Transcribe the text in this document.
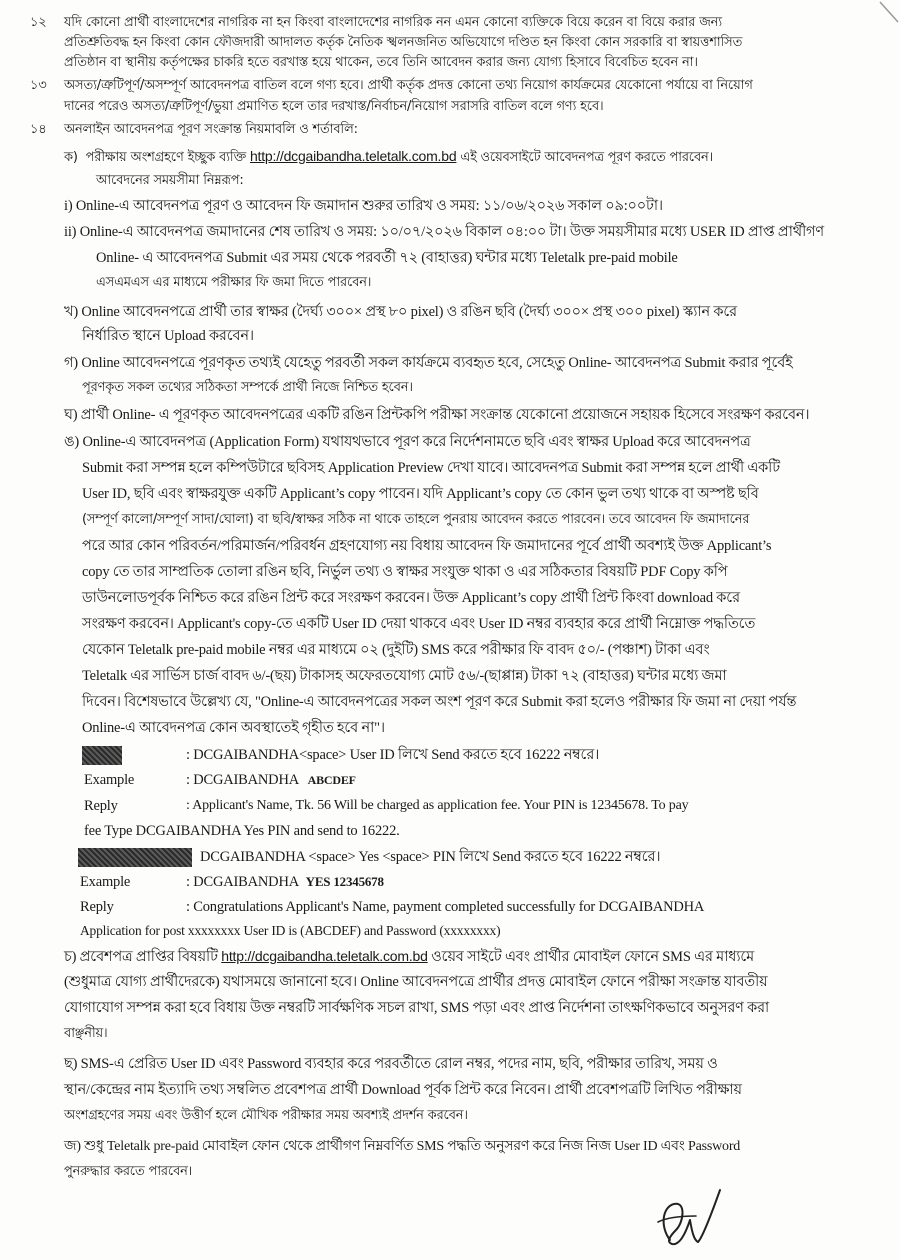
১২ যদি কোনো প্রার্থী বাংলাদেশের নাগরিক না হন কিংবা বাংলাদেশের নাগরিক নন এমন কোনো ব্যক্তিকে বিয়ে করেন বা বিয়ে করার জন্য
প্রতিশ্রুতিবদ্ধ হন কিংবা কোন ফৌজদারী আদালত কর্তৃক নৈতিক স্খলনজনিত অভিযোগে দণ্ডিত হন কিংবা কোন সরকারি বা স্বায়ত্তশাসিত
প্রতিষ্ঠান বা স্থানীয় কর্তৃপক্ষের চাকরি হতে বরখাস্ত হয়ে থাকেন, তবে তিনি আবেদন করার জন্য যোগ্য হিসাবে বিবেচিত হবেন না।
১৩ অসত্য/ত্রুটিপূর্ণ/অসম্পূর্ণ আবেদনপত্র বাতিল বলে গণ্য হবে। প্রার্থী কর্তৃক প্রদত্ত কোনো তথ্য নিয়োগ কার্যক্রমের যেকোনো পর্যায়ে বা নিয়োগ
দানের পরেও অসত্য/ত্রুটিপূর্ণ/ভুয়া প্রমাণিত হলে তার দরখাস্ত/নির্বাচন/নিয়োগ সরাসরি বাতিল বলে গণ্য হবে।
১৪ অনলাইন আবেদনপত্র পূরণ সংক্রান্ত নিয়মাবলি ও শর্তাবলি:
ক) পরীক্ষায় অংশগ্রহণে ইচ্ছুক ব্যক্তি http://dcgaibandha.teletalk.com.bd এই ওয়েবসাইটে আবেদনপত্র পূরণ করতে পারবেন।
আবেদনের সময়সীমা নিম্নরূপ:
i) Online-এ আবেদনপত্র পূরণ ও আবেদন ফি জমাদান শুরুর তারিখ ও সময়: ১১/০৬/২০২৬ সকাল ০৯:০০টা।
ii) Online-এ আবেদনপত্র জমাদানের শেষ তারিখ ও সময়: ১০/০৭/২০২৬ বিকাল ০৪:০০ টা। উক্ত সময়সীমার মধ্যে USER ID প্রাপ্ত প্রার্থীগণ
Online- এ আবেদনপত্র Submit এর সময় থেকে পরবর্তী ৭২ (বাহাত্তর) ঘন্টার মধ্যে Teletalk pre-paid mobile
এসএমএস এর মাধ্যমে পরীক্ষার ফি জমা দিতে পারবেন।
খ) Online আবেদনপত্রে প্রার্থী তার স্বাক্ষর (দৈর্ঘ্য ৩০০× প্রস্থ ৮০ pixel) ও রঙিন ছবি (দৈর্ঘ্য ৩০০× প্রস্থ ৩০০ pixel) স্ক্যান করে
নির্ধারিত স্থানে Upload করবেন।
গ) Online আবেদনপত্রে পূরণকৃত তথ্যই যেহেতু পরবর্তী সকল কার্যক্রমে ব্যবহৃত হবে, সেহেতু Online- আবেদনপত্র Submit করার পূর্বেই
পূরণকৃত সকল তথ্যের সঠিকতা সম্পর্কে প্রার্থী নিজে নিশ্চিত হবেন।
ঘ) প্রার্থী Online- এ পূরণকৃত আবেদনপত্রের একটি রঙিন প্রিন্টকপি পরীক্ষা সংক্রান্ত যেকোনো প্রয়োজনে সহায়ক হিসেবে সংরক্ষণ করবেন।
ঙ) Online-এ আবেদনপত্র (Application Form) যথাযথভাবে পূরণ করে নির্দেশনামতে ছবি এবং স্বাক্ষর Upload করে আবেদনপত্র
Submit করা সম্পন্ন হলে কম্পিউটারে ছবিসহ Application Preview দেখা যাবে। আবেদনপত্র Submit করা সম্পন্ন হলে প্রার্থী একটি
User ID, ছবি এবং স্বাক্ষরযুক্ত একটি Applicant’s copy পাবেন। যদি Applicant’s copy তে কোন ভুল তথ্য থাকে বা অস্পষ্ট ছবি
(সম্পূর্ণ কালো/সম্পূর্ণ সাদা/ঘোলা) বা ছবি/স্বাক্ষর সঠিক না থাকে তাহলে পুনরায় আবেদন করতে পারবেন। তবে আবেদন ফি জমাদানের
পরে আর কোন পরিবর্তন/পরিমার্জন/পরিবর্ধন গ্রহণযোগ্য নয় বিধায় আবেদন ফি জমাদানের পূর্বে প্রার্থী অবশ্যই উক্ত Applicant’s
copy তে তার সাম্প্রতিক তোলা রঙিন ছবি, নির্ভুল তথ্য ও স্বাক্ষর সংযুক্ত থাকা ও এর সঠিকতার বিষয়টি PDF Copy কপি
ডাউনলোডপূর্বক নিশ্চিত করে রঙিন প্রিন্ট করে সংরক্ষণ করবেন। উক্ত Applicant’s copy প্রার্থী প্রিন্ট কিংবা download করে
সংরক্ষণ করবেন। Applicant's copy-তে একটি User ID দেয়া থাকবে এবং User ID নম্বর ব্যবহার করে প্রার্থী নিম্নোক্ত পদ্ধতিতে
যেকোন Teletalk pre-paid mobile নম্বর এর মাধ্যমে ০২ (দুইটি) SMS করে পরীক্ষার ফি বাবদ ৫০/- (পঞ্চাশ) টাকা এবং
Teletalk এর সার্ভিস চার্জ বাবদ ৬/-(ছয়) টাকাসহ অফেরতযোগ্য মোট ৫৬/-(ছাপ্পান্ন) টাকা ৭২ (বাহাত্তর) ঘন্টার মধ্যে জমা
দিবেন। বিশেষভাবে উল্লেখ্য যে, "Online-এ আবেদনপত্রের সকল অংশ পূরণ করে Submit করা হলেও পরীক্ষার ফি জমা না দেয়া পর্যন্ত
Online-এ আবেদনপত্র কোন অবস্থাতেই গৃহীত হবে না"।
: DCGAIBANDHA<space> User ID লিখে Send করতে হবে 16222 নম্বরে।
Example	: DCGAIBANDHA ABCDEF
Reply	: Applicant's Name, Tk. 56 Will be charged as application fee. Your PIN is 12345678. To pay
fee Type DCGAIBANDHA Yes PIN and send to 16222.
DCGAIBANDHA <space> Yes <space> PIN লিখে Send করতে হবে 16222 নম্বরে।
Example	: DCGAIBANDHA YES 12345678
Reply	: Congratulations Applicant's Name, payment completed successfully for DCGAIBANDHA
Application for post xxxxxxxx User ID is (ABCDEF) and Password (xxxxxxxx)
চ) প্রবেশপত্র প্রাপ্তির বিষয়টি http://dcgaibandha.teletalk.com.bd ওয়েব সাইটে এবং প্রার্থীর মোবাইল ফোনে SMS এর মাধ্যমে
(শুধুমাত্র যোগ্য প্রার্থীদেরকে) যথাসময়ে জানানো হবে। Online আবেদনপত্রে প্রার্থীর প্রদত্ত মোবাইল ফোনে পরীক্ষা সংক্রান্ত যাবতীয়
যোগাযোগ সম্পন্ন করা হবে বিধায় উক্ত নম্বরটি সার্বক্ষণিক সচল রাখা, SMS পড়া এবং প্রাপ্ত নির্দেশনা তাৎক্ষণিকভাবে অনুসরণ করা
বাঞ্ছনীয়।
ছ) SMS-এ প্রেরিত User ID এবং Password ব্যবহার করে পরবর্তীতে রোল নম্বর, পদের নাম, ছবি, পরীক্ষার তারিখ, সময় ও
স্থান/কেন্দ্রের নাম ইত্যাদি তথ্য সম্বলিত প্রবেশপত্র প্রার্থী Download পূর্বক প্রিন্ট করে নিবেন। প্রার্থী প্রবেশপত্রটি লিখিত পরীক্ষায়
অংশগ্রহণের সময় এবং উত্তীর্ণ হলে মৌখিক পরীক্ষার সময় অবশ্যই প্রদর্শন করবেন।
জ) শুধু Teletalk pre-paid মোবাইল ফোন থেকে প্রার্থীগণ নিম্নবর্ণিত SMS পদ্ধতি অনুসরণ করে নিজ নিজ User ID এবং Password
পুনরুদ্ধার করতে পারবেন।
